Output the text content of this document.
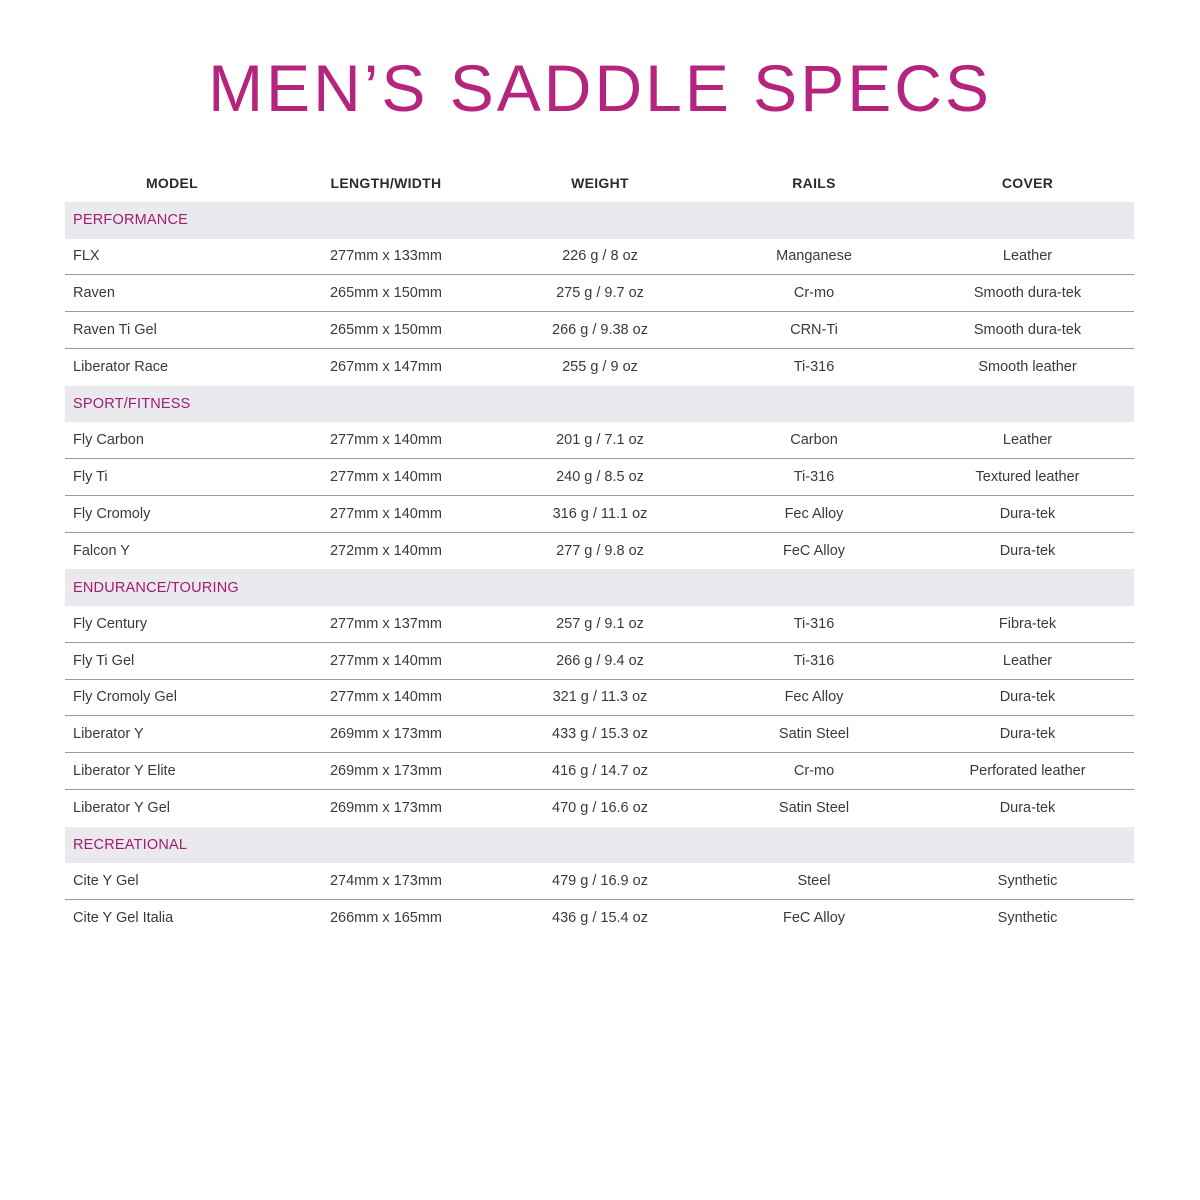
MEN’S SADDLE SPECS
MODEL	LENGTH/WIDTH	WEIGHT	RAILS	COVER
PERFORMANCE
FLX	277mm x 133mm	226 g / 8 oz	Manganese	Leather
Raven	265mm x 150mm	275 g / 9.7 oz	Cr-mo	Smooth dura-tek
Raven Ti Gel	265mm x 150mm	266 g / 9.38 oz	CRN-Ti	Smooth dura-tek
Liberator Race	267mm x 147mm	255 g / 9 oz	Ti-316	Smooth leather
SPORT/FITNESS
Fly Carbon	277mm x 140mm	201 g / 7.1 oz	Carbon	Leather
Fly Ti	277mm x 140mm	240 g / 8.5 oz	Ti-316	Textured leather
Fly Cromoly	277mm x 140mm	316 g / 11.1 oz	Fec Alloy	Dura-tek
Falcon Y	272mm x 140mm	277 g / 9.8 oz	FeC Alloy	Dura-tek
ENDURANCE/TOURING
Fly Century	277mm x 137mm	257 g / 9.1 oz	Ti-316	Fibra-tek
Fly Ti Gel	277mm x 140mm	266 g / 9.4 oz	Ti-316	Leather
Fly Cromoly Gel	277mm x 140mm	321 g / 11.3 oz	Fec Alloy	Dura-tek
Liberator Y	269mm x 173mm	433 g / 15.3 oz	Satin Steel	Dura-tek
Liberator Y Elite	269mm x 173mm	416 g / 14.7 oz	Cr-mo	Perforated leather
Liberator Y Gel	269mm x 173mm	470 g / 16.6 oz	Satin Steel	Dura-tek
RECREATIONAL
Cite Y Gel	274mm x 173mm	479 g / 16.9 oz	Steel	Synthetic
Cite Y Gel Italia	266mm x 165mm	436 g / 15.4 oz	FeC Alloy	Synthetic
